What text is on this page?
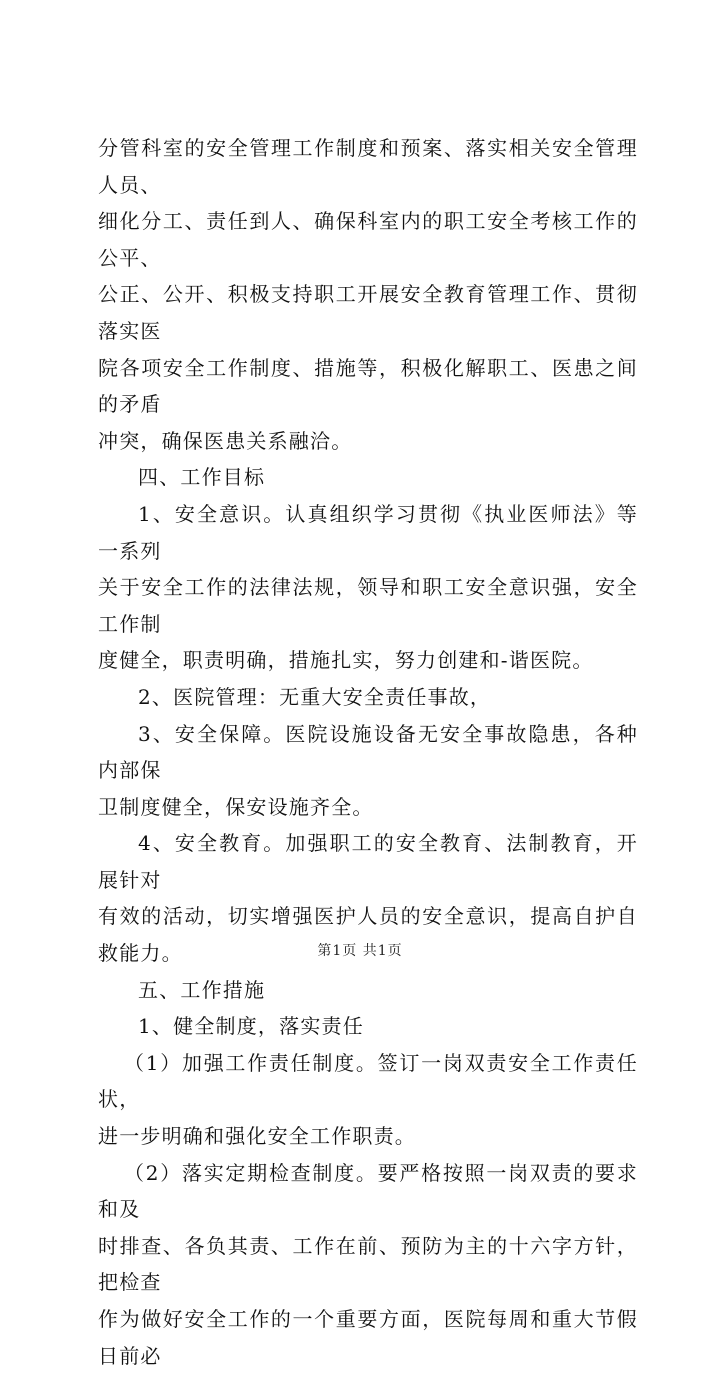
分管科室的安全管理工作制度和预案、落实相关安全管理人员、
细化分工、责任到人、确保科室内的职工安全考核工作的公平、
公正、公开、积极支持职工开展安全教育管理工作、贯彻落实医
院各项安全工作制度、措施等，积极化解职工、医患之间的矛盾
冲突，确保医患关系融洽。

四、工作目标

1、安全意识。认真组织学习贯彻《执业医师法》等一系列
关于安全工作的法律法规，领导和职工安全意识强，安全工作制
度健全，职责明确，措施扎实，努力创建和-谐医院。

2、医院管理：无重大安全责任事故，

3、安全保障。医院设施设备无安全事故隐患，各种内部保
卫制度健全，保安设施齐全。

4、安全教育。加强职工的安全教育、法制教育，开展针对
有效的活动，切实增强医护人员的安全意识，提高自护自救能力。

五、工作措施

1、健全制度，落实责任

（1）加强工作责任制度。签订一岗双责安全工作责任状，
进一步明确和强化安全工作职责。

（2）落实定期检查制度。要严格按照一岗双责的要求和及
时排查、各负其责、工作在前、预防为主的十六字方针，把检查
作为做好安全工作的一个重要方面，医院每周和重大节假日前必

第1页 共1页
